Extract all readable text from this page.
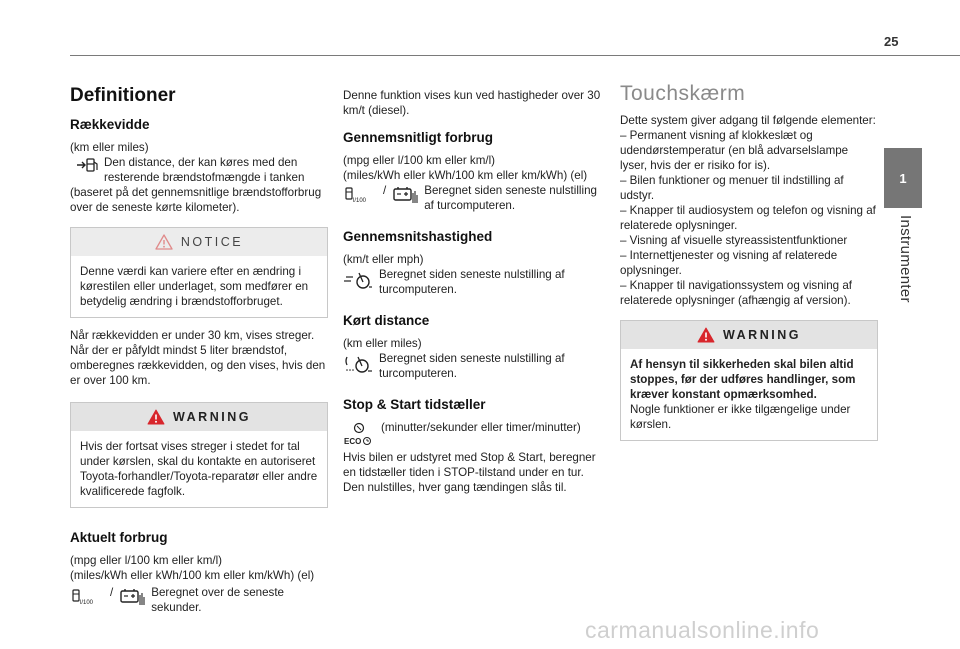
25
1
Instrumenter
Definitioner
Rækkevidde

(km eller miles)

Den distance, der kan køres med den resterende brændstofmængde i tanken

(baseret på det gennemsnitlige brændstofforbrug over de seneste kørte kilometer).

NOTICE
Denne værdi kan variere efter en ændring i kørestilen eller underlaget, som medfører en betydelig ændring i brændstofforbruget.

Når rækkevidden er under 30 km, vises streger. Når der er påfyldt mindst 5 liter brændstof, omberegnes rækkevidden, og den vises, hvis den er over 100 km.

WARNING
Hvis der fortsat vises streger i stedet for tal under kørslen, skal du kontakte en autoriseret Toyota-forhandler/Toyota-reparatør eller andre kvalificerede fagfolk.
Aktuelt forbrug

(mpg eller l/100 km eller km/l)

(miles/kWh eller kWh/100 km eller km/kWh) (el)

l/100
/	Beregnet over de seneste sekunder.

Denne funktion vises kun ved hastigheder over 30 km/t (diesel).

Gennemsnitligt forbrug

(mpg eller l/100 km eller km/l)

(miles/kWh eller kWh/100 km eller km/kWh) (el)

l/100
/	Beregnet siden seneste nulstilling af turcomputeren.

Gennemsnitshastighed

(km/t eller mph)

Beregnet siden seneste nulstilling af turcomputeren.

Kørt distance

(km eller miles)

Beregnet siden seneste nulstilling af turcomputeren.

Stop & Start tidstæller
ECO

(minutter/sekunder eller timer/minutter)

Hvis bilen er udstyret med Stop & Start, beregner en tidstæller tiden i STOP-tilstand under en tur.

Den nulstilles, hver gang tændingen slås til.

Touchskærm

Dette system giver adgang til følgende elementer:

– Permanent visning af klokkeslæt og udendørstemperatur (en blå advarselslampe lyser, hvis der er risiko for is).

– Bilen funktioner og menuer til indstilling af udstyr.

– Knapper til audiosystem og telefon og visning af relaterede oplysninger.

– Visning af visuelle styreassistentfunktioner

– Internettjenester og visning af relaterede oplysninger.

– Knapper til navigationssystem og visning af relaterede oplysninger (afhængig af version).

WARNING

Af hensyn til sikkerheden skal bilen altid stoppes, før der udføres handlinger, som kræver konstant opmærksomhed.

Nogle funktioner er ikke tilgængelige under kørslen.

carmanualsonline.info
